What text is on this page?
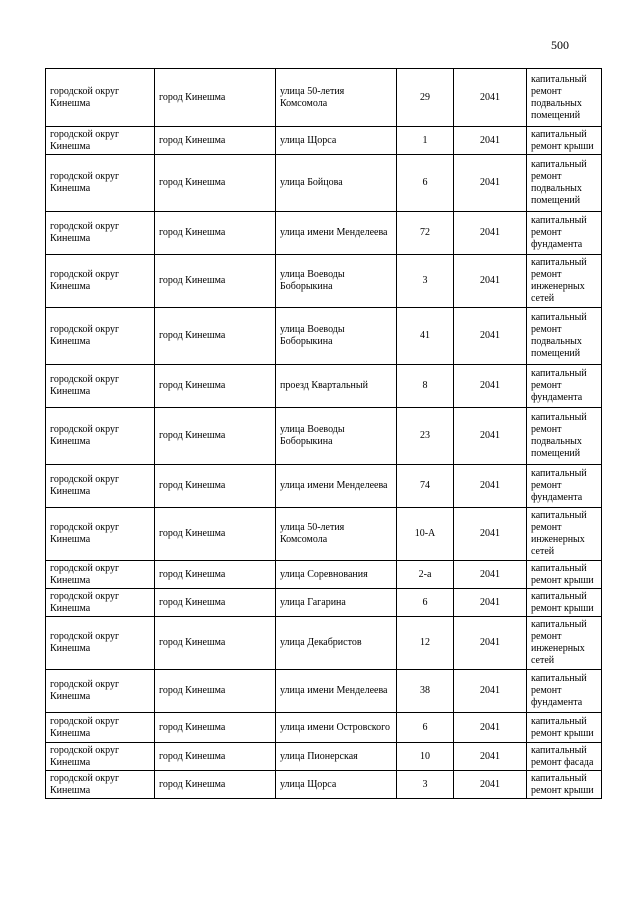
500
городской округ Кинешма	город Кинешма	улица 50-летия Комсомола	29	2041	капитальный ремонт подвальных помещений
городской округ Кинешма	город Кинешма	улица Щорса	1	2041	капитальный ремонт крыши
городской округ Кинешма	город Кинешма	улица Бойцова	6	2041	капитальный ремонт подвальных помещений
городской округ Кинешма	город Кинешма	улица имени Менделеева	72	2041	капитальный ремонт фундамента
городской округ Кинешма	город Кинешма	улица Воеводы Боборыкина	3	2041	капитальный ремонт инженерных сетей
городской округ Кинешма	город Кинешма	улица Воеводы Боборыкина	41	2041	капитальный ремонт подвальных помещений
городской округ Кинешма	город Кинешма	проезд Квартальный	8	2041	капитальный ремонт фундамента
городской округ Кинешма	город Кинешма	улица Воеводы Боборыкина	23	2041	капитальный ремонт подвальных помещений
городской округ Кинешма	город Кинешма	улица имени Менделеева	74	2041	капитальный ремонт фундамента
городской округ Кинешма	город Кинешма	улица 50-летия Комсомола	10-А	2041	капитальный ремонт инженерных сетей
городской округ Кинешма	город Кинешма	улица Соревнования	2-а	2041	капитальный ремонт крыши
городской округ Кинешма	город Кинешма	улица Гагарина	6	2041	капитальный ремонт крыши
городской округ Кинешма	город Кинешма	улица Декабристов	12	2041	капитальный ремонт инженерных сетей
городской округ Кинешма	город Кинешма	улица имени Менделеева	38	2041	капитальный ремонт фундамента
городской округ Кинешма	город Кинешма	улица имени Островского	6	2041	капитальный ремонт крыши
городской округ Кинешма	город Кинешма	улица Пионерская	10	2041	капитальный ремонт фасада
городской округ Кинешма	город Кинешма	улица Щорса	3	2041	капитальный ремонт крыши
